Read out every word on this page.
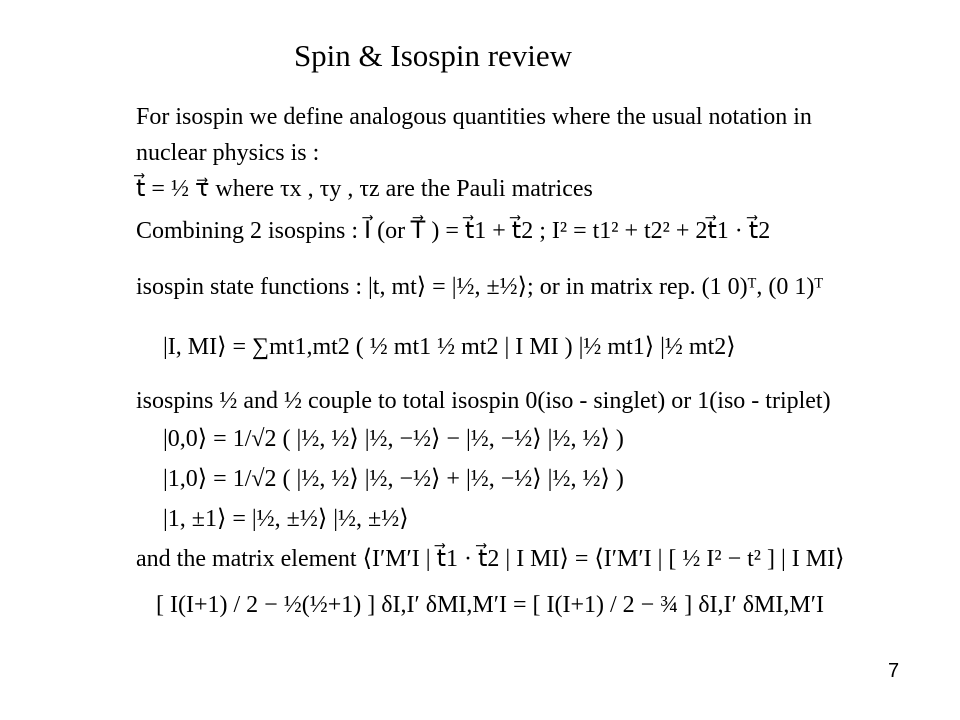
Spin & Isospin review
For isospin we define analogous quantities where the usual notation in
nuclear physics is :
t⃗ = ½ τ⃗ where τx , τy , τz are the Pauli matrices
Combining 2 isospins : I⃗ (or T⃗ ) = t⃗1 + t⃗2 ; I² = t1² + t2² + 2t⃗1 · t⃗2
isospin state functions : |t, mt⟩ = |½, ±½⟩; or in matrix rep. (1 0)ᵀ, (0 1)ᵀ
|I, MI⟩ = ∑mt1,mt2 ( ½ mt1 ½ mt2 | I MI ) |½ mt1⟩ |½ mt2⟩
isospins ½ and ½ couple to total isospin 0(iso - singlet) or 1(iso - triplet)
|0,0⟩ = 1/√2 ( |½, ½⟩ |½, −½⟩ − |½, −½⟩ |½, ½⟩ )
|1,0⟩ = 1/√2 ( |½, ½⟩ |½, −½⟩ + |½, −½⟩ |½, ½⟩ )
|1, ±1⟩ = |½, ±½⟩ |½, ±½⟩
and the matrix element ⟨I′M′I | t⃗1 · t⃗2 | I MI⟩ = ⟨I′M′I | [ ½ I² − t² ] | I MI⟩
[ I(I+1) / 2 − ½(½+1) ] δI,I′ δMI,M′I = [ I(I+1) / 2 − ¾ ] δI,I′ δMI,M′I
7
